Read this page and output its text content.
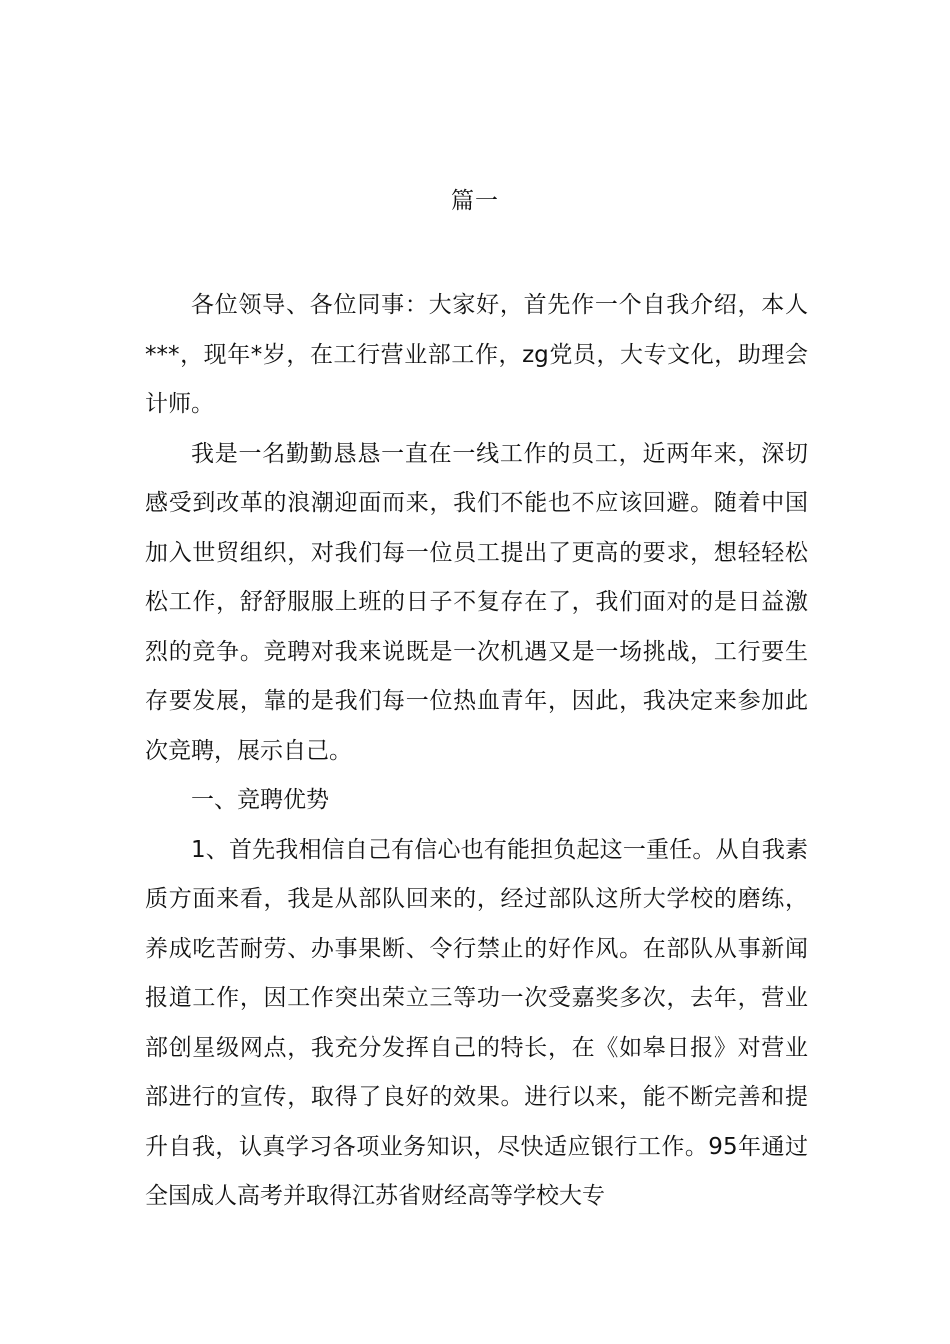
篇一

各位领导、各位同事：大家好，首先作一个自我介绍，本人***，现年*岁，在工行营业部工作，zg党员，大专文化，助理会计师。

我是一名勤勤恳恳一直在一线工作的员工，近两年来，深切感受到改革的浪潮迎面而来，我们不能也不应该回避。随着中国加入世贸组织，对我们每一位员工提出了更高的要求，想轻轻松松工作，舒舒服服上班的日子不复存在了，我们面对的是日益激烈的竞争。竞聘对我来说既是一次机遇又是一场挑战，工行要生存要发展，靠的是我们每一位热血青年，因此，我决定来参加此次竞聘，展示自己。

一、竞聘优势

1、首先我相信自己有信心也有能担负起这一重任。从自我素质方面来看，我是从部队回来的，经过部队这所大学校的磨练，养成吃苦耐劳、办事果断、令行禁止的好作风。在部队从事新闻报道工作，因工作突出荣立三等功一次受嘉奖多次，去年，营业部创星级网点，我充分发挥自己的特长，在《如皋日报》对营业部进行的宣传，取得了良好的效果。进行以来，能不断完善和提升自我，认真学习各项业务知识，尽快适应银行工作。95年通过全国成人高考并取得江苏省财经高等学校大专
